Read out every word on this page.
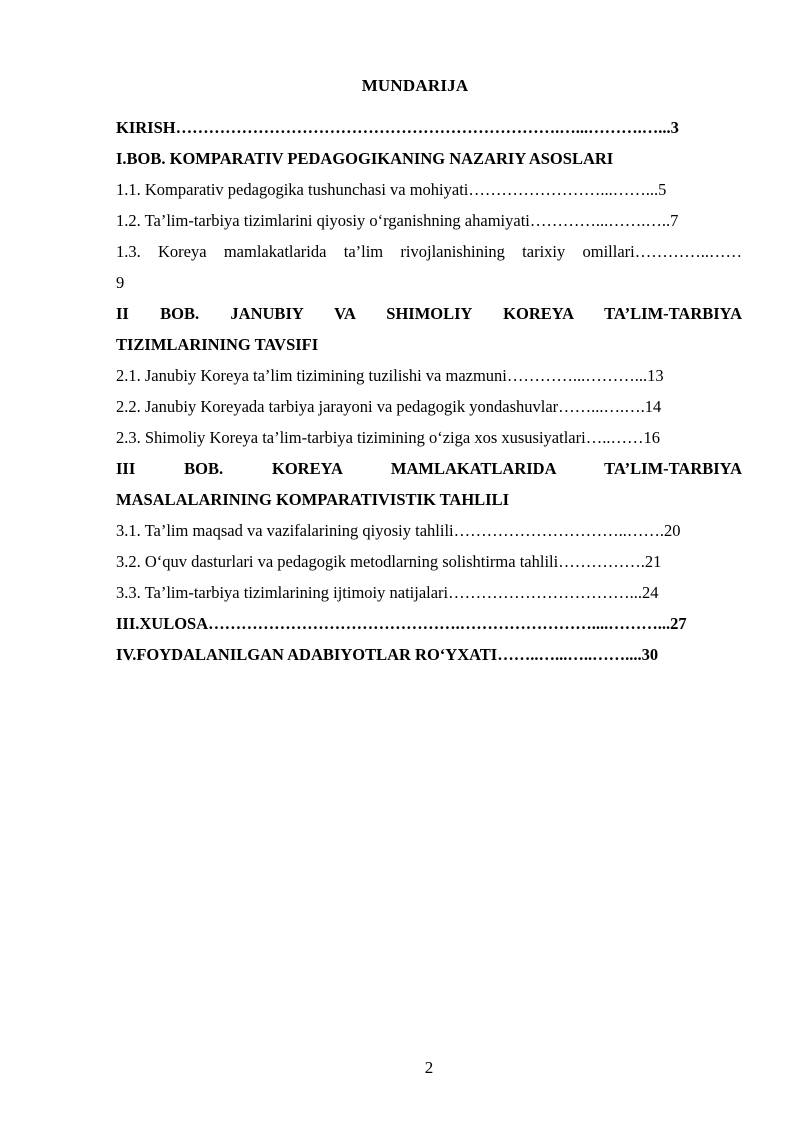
MUNDARIJA
KIRISH…………………………………………………………….…...……….…...3
I.BOB. KOMPARATIV PEDAGOGIKANING NAZARIY ASOSLARI
1.1. Komparativ pedagogika tushunchasi va mohiyati……………………...……...5
1.2. Ta’lim-tarbiya tizimlarini qiyosiy o‘rganishning ahamiyati…………...…….…..7
1.3. Koreya mamlakatlarida ta’lim rivojlanishining tarixiy omillari…………..……
9
II BOB. JANUBIY VA SHIMOLIY KOREYA TA’LIM-TARBIYA
TIZIMLARINING TAVSIFI
2.1. Janubiy Koreya ta’lim tizimining tuzilishi va mazmuni…………...………...13
2.2. Janubiy Koreyada tarbiya jarayoni va pedagogik yondashuvlar……...….….14
2.3. Shimoliy Koreya ta’lim-tarbiya tizimining o‘ziga xos xususiyatlari…..……16
III BOB. KOREYA MAMLAKATLARIDA TA’LIM-TARBIYA
MASALALARINING KOMPARATIVISTIK TAHLILI
3.1. Ta’lim maqsad va vazifalarining qiyosiy tahlili…………………………..…….20
3.2. O‘quv dasturlari va pedagogik metodlarning solishtirma tahlili…………….21
3.3. Ta’lim-tarbiya tizimlarining ijtimoiy natijalari……………………………...24
III.XULOSA……………………………………….……………………....………...27
IV.FOYDALANILGAN ADABIYOTLAR RO‘YXATI……..…...…..……....30
2
